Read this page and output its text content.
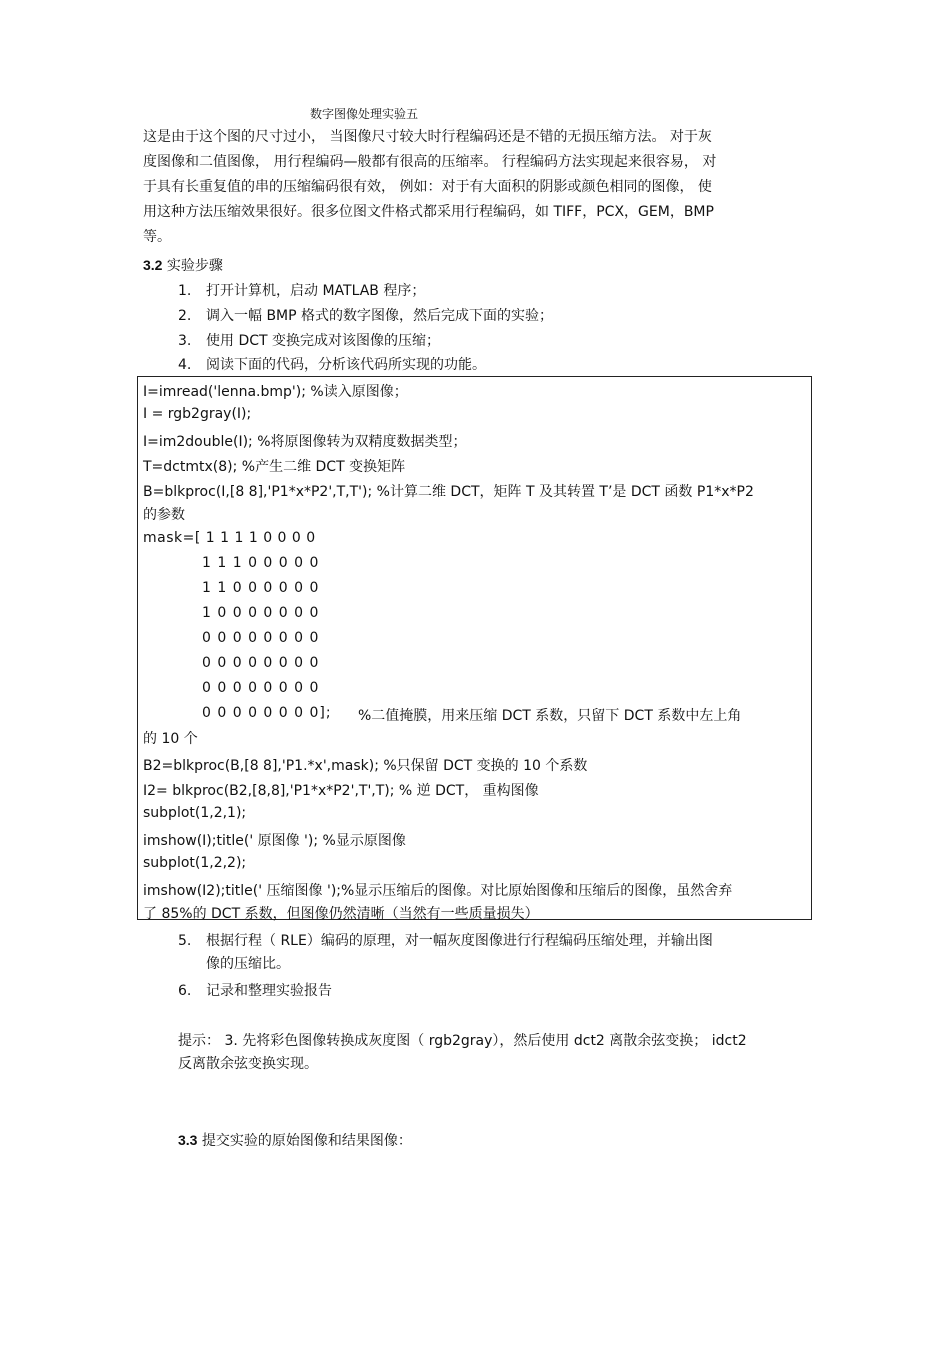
数字图像处理实验五
这是由于这个图的尺寸过小， 当图像尺寸较大时行程编码还是不错的无损压缩方法。 对于灰
度图像和二值图像， 用行程编码—般都有很高的压缩率。 行程编码方法实现起来很容易， 对
于具有长重复值的串的压缩编码很有效， 例如：对于有大面积的阴影或颜色相同的图像， 使
用这种方法压缩效果很好。很多位图文件格式都采用行程编码，如 TIFF，PCX，GEM，BMP
等。
3.2 实验步骤
1. 打开计算机，启动 MATLAB 程序；
2. 调入一幅 BMP 格式的数字图像，然后完成下面的实验；
3. 使用 DCT 变换完成对该图像的压缩；
4. 阅读下面的代码，分析该代码所实现的功能。
I=imread('lenna.bmp'); %读入原图像；
I = rgb2gray(I);
I=im2double(I); %将原图像转为双精度数据类型；
T=dctmtx(8); %产生二维 DCT 变换矩阵
B=blkproc(I,[8 8],'P1*x*P2',T,T'); %计算二维 DCT，矩阵 T 及其转置 T’是 DCT 函数 P1*x*P2
的参数
mask=[ 1 1 1 1 0 0 0 0
1 1 1 0 0 0 0 0
1 1 0 0 0 0 0 0
1 0 0 0 0 0 0 0
0 0 0 0 0 0 0 0
0 0 0 0 0 0 0 0
0 0 0 0 0 0 0 0
0 0 0 0 0 0 0 0]; %二值掩膜，用来压缩 DCT 系数，只留下 DCT 系数中左上角
的 10 个
B2=blkproc(B,[8 8],'P1.*x',mask); %只保留 DCT 变换的 10 个系数
I2= blkproc(B2,[8,8],'P1*x*P2',T',T); % 逆 DCT， 重构图像
subplot(1,2,1);
imshow(I);title(' 原图像 '); %显示原图像
subplot(1,2,2);
imshow(I2);title(' 压缩图像 ');%显示压缩后的图像。对比原始图像和压缩后的图像，虽然舍弃
了 85%的 DCT 系数，但图像仍然清晰（当然有一些质量损失）
5. 根据行程（ RLE）编码的原理，对一幅灰度图像进行行程编码压缩处理，并输出图
像的压缩比。
6. 记录和整理实验报告
提示： 3. 先将彩色图像转换成灰度图（ rgb2gray），然后使用 dct2 离散余弦变换； idct2
反离散余弦变换实现。
3.3 提交实验的原始图像和结果图像：
